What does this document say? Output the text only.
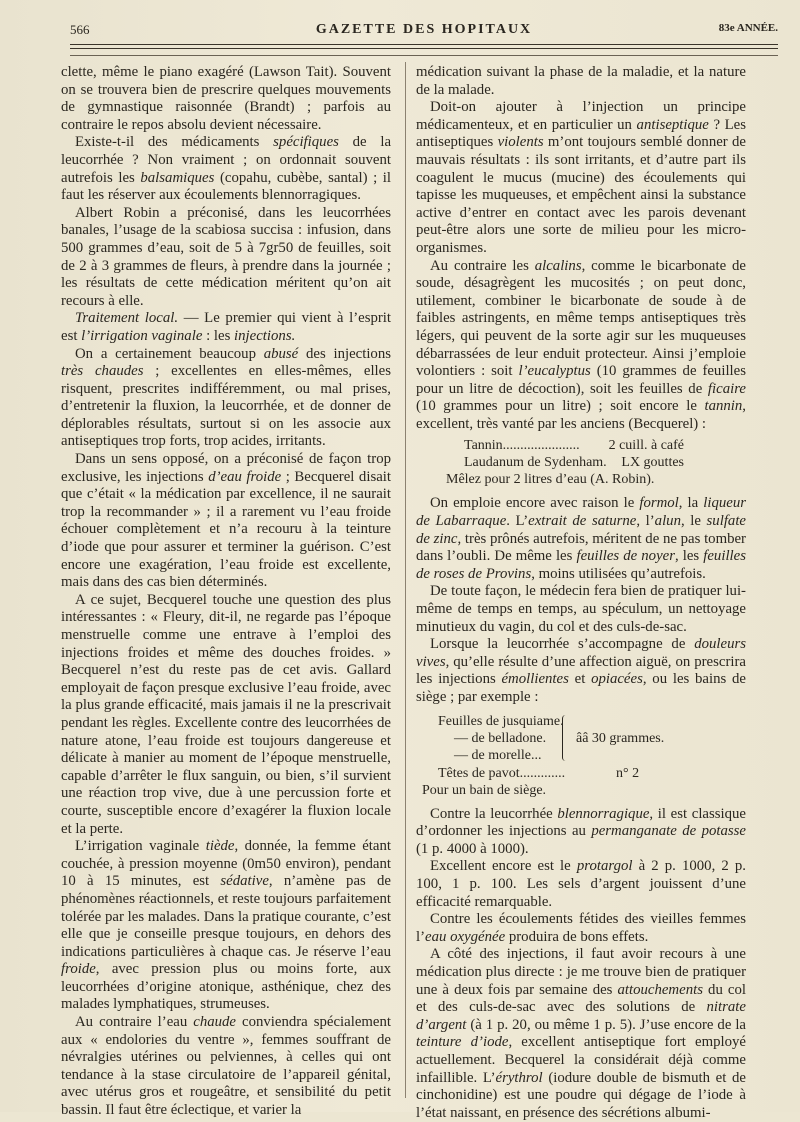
566	GAZETTE DES HOPITAUX	83e ANNÉE.

clette, même le piano exagéré (Lawson Tait). Souvent on se trouvera bien de prescrire quelques mouvements de gymnastique raisonnée (Brandt) ; parfois au contraire le repos absolu devient nécessaire.

Existe-t-il des médicaments spécifiques de la leucorrhée ? Non vraiment ; on ordonnait souvent autrefois les balsamiques (copahu, cubèbe, santal) ; il faut les réserver aux écoulements blennorragiques.

Albert Robin a préconisé, dans les leucorrhées banales, l’usage de la scabiosa succisa : infusion, dans 500 grammes d’eau, soit de 5 à 7gr50 de feuilles, soit de 2 à 3 grammes de fleurs, à prendre dans la journée ; les résultats de cette médication méritent qu’on ait recours à elle.

Traitement local. — Le premier qui vient à l’esprit est l’irrigation vaginale : les injections.

On a certainement beaucoup abusé des injections très chaudes ; excellentes en elles-mêmes, elles risquent, prescrites indifféremment, ou mal prises, d’entretenir la fluxion, la leucorrhée, et de donner de déplorables résultats, surtout si on les associe aux antiseptiques trop forts, trop acides, irritants.

Dans un sens opposé, on a préconisé de façon trop exclusive, les injections d’eau froide ; Becquerel disait que c’était « la médication par excellence, il ne saurait trop la recommander » ; il a rarement vu l’eau froide échouer complètement et n’a recouru à la teinture d’iode que pour assurer et terminer la guérison. C’est encore une exagération, l’eau froide est excellente, mais dans des cas bien déterminés.

A ce sujet, Becquerel touche une question des plus intéressantes : « Fleury, dit-il, ne regarde pas l’époque menstruelle comme une entrave à l’emploi des injections froides et même des douches froides. » Becquerel n’est du reste pas de cet avis. Gallard employait de façon presque exclusive l’eau froide, avec la plus grande efficacité, mais jamais il ne la prescrivait pendant les règles. Excellente contre des leucorrhées de nature atone, l’eau froide est toujours dangereuse et délicate à manier au moment de l’époque menstruelle, capable d’arrêter le flux sanguin, ou bien, s’il survient une réaction trop vive, due à une percussion forte et courte, susceptible encore d’exagérer la fluxion locale et la perte.

L’irrigation vaginale tiède, donnée, la femme étant couchée, à pression moyenne (0m50 environ), pendant 10 à 15 minutes, est sédative, n’amène pas de phénomènes réactionnels, et reste toujours parfaitement tolérée par les malades. Dans la pratique courante, c’est elle que je conseille presque toujours, en dehors des indications particulières à chaque cas. Je réserve l’eau froide, avec pression plus ou moins forte, aux leucorrhées d’origine atonique, asthénique, chez des malades lymphatiques, strumeuses.

Au contraire l’eau chaude conviendra spécialement aux « endolories du ventre », femmes souffrant de névralgies utérines ou pelviennes, à celles qui ont tendance à la stase circulatoire de l’appareil génital, avec utérus gros et rougeâtre, et sensibilité du petit bassin. Il faut être éclectique, et varier la

médication suivant la phase de la maladie, et la nature de la malade.

Doit-on ajouter à l’injection un principe médicamenteux, et en particulier un antiseptique ? Les antiseptiques violents m’ont toujours semblé donner de mauvais résultats : ils sont irritants, et d’autre part ils coagulent le mucus (mucine) des écoulements qui tapisse les muqueuses, et empêchent ainsi la substance active d’entrer en contact avec les parois devenant peut-être alors une sorte de milieu pour les micro-organismes.

Au contraire les alcalins, comme le bicarbonate de soude, désagrègent les mucosités ; on peut donc, utilement, combiner le bicarbonate de soude à de faibles astringents, en même temps antiseptiques très légers, qui peuvent de la sorte agir sur les muqueuses débarrassées de leur enduit protecteur. Ainsi j’emploie volontiers : soit l’eucalyptus (10 grammes de feuilles pour un litre de décoction), soit les feuilles de ficaire (10 grammes pour un litre) ; soit encore le tannin, excellent, très vanté par les anciens (Becquerel) :

Tannin...................... 2 cuill. à café
Laudanum de Sydenham. LX gouttes
Mêlez pour 2 litres d’eau (A. Robin).

On emploie encore avec raison le formol, la liqueur de Labarraque. L’extrait de saturne, l’alun, le sulfate de zinc, très prônés autrefois, méritent de ne pas tomber dans l’oubli. De même les feuilles de noyer, les feuilles de roses de Provins, moins utilisées qu’autrefois.

De toute façon, le médecin fera bien de pratiquer lui-même de temps en temps, au spéculum, un nettoyage minutieux du vagin, du col et des culs-de-sac.

Lorsque la leucorrhée s’accompagne de douleurs vives, qu’elle résulte d’une affection aiguë, on prescrira les injections émollientes et opiacées, ou les bains de siège ; par exemple :

Feuilles de jusquiame.
— de belladone.
— de morelle...
ââ 30 grammes.
Têtes de pavot.............	n° 2
Pour un bain de siège.

Contre la leucorrhée blennorragique, il est classique d’ordonner les injections au permanganate de potasse (1 p. 4000 à 1000).

Excellent encore est le protargol à 2 p. 1000, 2 p. 100, 1 p. 100. Les sels d’argent jouissent d’une efficacité remarquable.

Contre les écoulements fétides des vieilles femmes l’eau oxygénée produira de bons effets.

A côté des injections, il faut avoir recours à une médication plus directe : je me trouve bien de pratiquer une à deux fois par semaine des attouchements du col et des culs-de-sac avec des solutions de nitrate d’argent (à 1 p. 20, ou même 1 p. 5). J’use encore de la teinture d’iode, excellent antiseptique fort employé actuellement. Becquerel la considérait déjà comme infaillible. L’érythrol (iodure double de bismuth et de cinchonidine) est une poudre qui dégage de l’iode à l’état naissant, en présence des sécrétions albumi-
